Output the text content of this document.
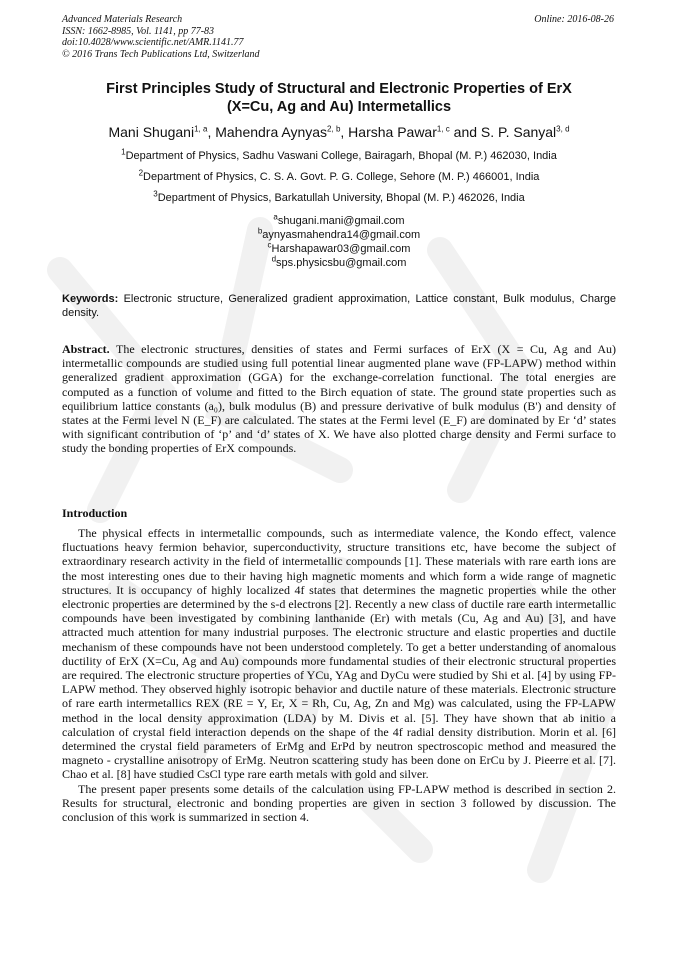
Advanced Materials Research
ISSN: 1662-8985, Vol. 1141, pp 77-83
doi:10.4028/www.scientific.net/AMR.1141.77
© 2016 Trans Tech Publications Ltd, Switzerland
Online: 2016-08-26
First Principles Study of Structural and Electronic Properties of ErX
(X=Cu, Ag and Au) Intermetallics
Mani Shugani$^{1, a}$, Mahendra Aynyas$^{2, b}$, Harsha Pawar$^{1, c}$ and S. P. Sanyal$^{3, d}$
$^1$Department of Physics, Sadhu Vaswani College, Bairagarh, Bhopal (M. P.) 462030, India
$^2$Department of Physics, C. S. A. Govt. P. G. College, Sehore (M. P.) 466001, India
$^3$Department of Physics, Barkatullah University, Bhopal (M. P.) 462026, India
$^a$shugani.mani@gmail.com
$^b$aynyasmahendra14@gmail.com
$^c$Harshapawar03@gmail.com
$^d$sps.physicsbu@gmail.com
Keywords: Electronic structure, Generalized gradient approximation, Lattice constant, Bulk modulus, Charge density.
Abstract. The electronic structures, densities of states and Fermi surfaces of ErX (X = Cu, Ag and Au) intermetallic compounds are studied using full potential linear augmented plane wave (FP-LAPW) method within generalized gradient approximation (GGA) for the exchange-correlation functional. The total energies are computed as a function of volume and fitted to the Birch equation of state. The ground state properties such as equilibrium lattice constants (a₀), bulk modulus (B) and pressure derivative of bulk modulus (B') and density of states at the Fermi level N (E_F) are calculated. The states at the Fermi level (E_F) are dominated by Er ‘d’ states with significant contribution of ‘p’ and ‘d’ states of X. We have also plotted charge density and Fermi surface to study the bonding properties of ErX compounds.
Introduction

The physical effects in intermetallic compounds, such as intermediate valence, the Kondo effect, valence fluctuations heavy fermion behavior, superconductivity, structure transitions etc, have become the subject of extraordinary research activity in the field of intermetallic compounds [1]. These materials with rare earth ions are the most interesting ones due to their having high magnetic moments and which form a wide range of magnetic structures. It is occupancy of highly localized 4f states that determines the magnetic properties while the other electronic properties are determined by the s-d electrons [2]. Recently a new class of ductile rare earth intermetallic compounds have been investigated by combining lanthanide (Er) with metals (Cu, Ag and Au) [3], and have attracted much attention for many industrial purposes. The electronic structure and elastic properties and ductile mechanism of these compounds have not been understood completely. To get a better understanding of anomalous ductility of ErX (X=Cu, Ag and Au) compounds more fundamental studies of their electronic structural properties are required. The electronic structure properties of YCu, YAg and DyCu were studied by Shi et al. [4] by using FP-LAPW method. They observed highly isotropic behavior and ductile nature of these materials. Electronic structure of rare earth intermetallics REX (RE = Y, Er, X = Rh, Cu, Ag, Zn and Mg) was calculated, using the FP-LAPW method in the local density approximation (LDA) by M. Divis et al. [5]. They have shown that ab initio a calculation of crystal field interaction depends on the shape of the 4f radial density distribution. Morin et al. [6] determined the crystal field parameters of ErMg and ErPd by neutron spectroscopic method and measured the magneto - crystalline anisotropy of ErMg. Neutron scattering study has been done on ErCu by J. Pieerre et al. [7]. Chao et al. [8] have studied CsCl type rare earth metals with gold and silver.

The present paper presents some details of the calculation using FP-LAPW method is described in section 2. Results for structural, electronic and bonding properties are given in section 3 followed by discussion. The conclusion of this work is summarized in section 4.
